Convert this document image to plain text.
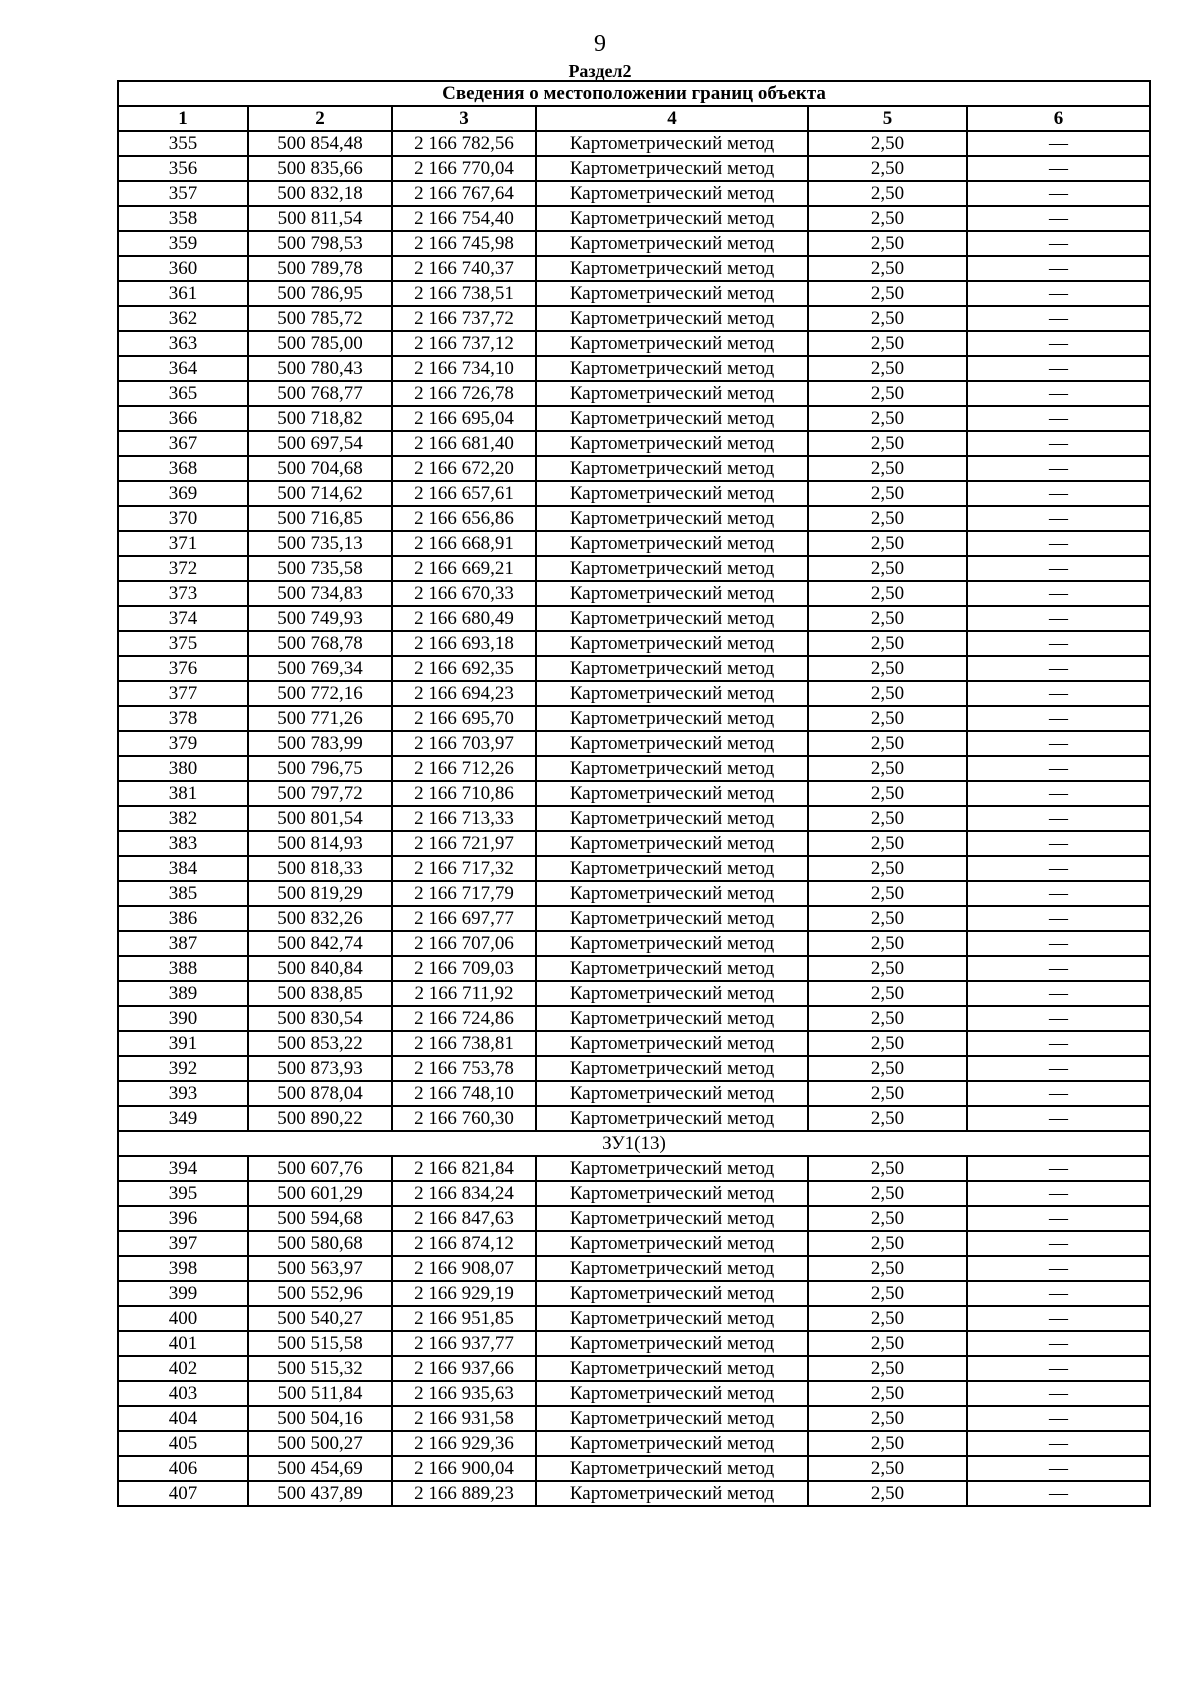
9
Раздел2
Сведения о местоположении границ объекта					
1	2	3	4	5	6
355	500 854,48	2 166 782,56	Картометрический метод	2,50	—
356	500 835,66	2 166 770,04	Картометрический метод	2,50	—
357	500 832,18	2 166 767,64	Картометрический метод	2,50	—
358	500 811,54	2 166 754,40	Картометрический метод	2,50	—
359	500 798,53	2 166 745,98	Картометрический метод	2,50	—
360	500 789,78	2 166 740,37	Картометрический метод	2,50	—
361	500 786,95	2 166 738,51	Картометрический метод	2,50	—
362	500 785,72	2 166 737,72	Картометрический метод	2,50	—
363	500 785,00	2 166 737,12	Картометрический метод	2,50	—
364	500 780,43	2 166 734,10	Картометрический метод	2,50	—
365	500 768,77	2 166 726,78	Картометрический метод	2,50	—
366	500 718,82	2 166 695,04	Картометрический метод	2,50	—
367	500 697,54	2 166 681,40	Картометрический метод	2,50	—
368	500 704,68	2 166 672,20	Картометрический метод	2,50	—
369	500 714,62	2 166 657,61	Картометрический метод	2,50	—
370	500 716,85	2 166 656,86	Картометрический метод	2,50	—
371	500 735,13	2 166 668,91	Картометрический метод	2,50	—
372	500 735,58	2 166 669,21	Картометрический метод	2,50	—
373	500 734,83	2 166 670,33	Картометрический метод	2,50	—
374	500 749,93	2 166 680,49	Картометрический метод	2,50	—
375	500 768,78	2 166 693,18	Картометрический метод	2,50	—
376	500 769,34	2 166 692,35	Картометрический метод	2,50	—
377	500 772,16	2 166 694,23	Картометрический метод	2,50	—
378	500 771,26	2 166 695,70	Картометрический метод	2,50	—
379	500 783,99	2 166 703,97	Картометрический метод	2,50	—
380	500 796,75	2 166 712,26	Картометрический метод	2,50	—
381	500 797,72	2 166 710,86	Картометрический метод	2,50	—
382	500 801,54	2 166 713,33	Картометрический метод	2,50	—
383	500 814,93	2 166 721,97	Картометрический метод	2,50	—
384	500 818,33	2 166 717,32	Картометрический метод	2,50	—
385	500 819,29	2 166 717,79	Картометрический метод	2,50	—
386	500 832,26	2 166 697,77	Картометрический метод	2,50	—
387	500 842,74	2 166 707,06	Картометрический метод	2,50	—
388	500 840,84	2 166 709,03	Картометрический метод	2,50	—
389	500 838,85	2 166 711,92	Картометрический метод	2,50	—
390	500 830,54	2 166 724,86	Картометрический метод	2,50	—
391	500 853,22	2 166 738,81	Картометрический метод	2,50	—
392	500 873,93	2 166 753,78	Картометрический метод	2,50	—
393	500 878,04	2 166 748,10	Картометрический метод	2,50	—
349	500 890,22	2 166 760,30	Картометрический метод	2,50	—
ЗУ1(13)					
394	500 607,76	2 166 821,84	Картометрический метод	2,50	—
395	500 601,29	2 166 834,24	Картометрический метод	2,50	—
396	500 594,68	2 166 847,63	Картометрический метод	2,50	—
397	500 580,68	2 166 874,12	Картометрический метод	2,50	—
398	500 563,97	2 166 908,07	Картометрический метод	2,50	—
399	500 552,96	2 166 929,19	Картометрический метод	2,50	—
400	500 540,27	2 166 951,85	Картометрический метод	2,50	—
401	500 515,58	2 166 937,77	Картометрический метод	2,50	—
402	500 515,32	2 166 937,66	Картометрический метод	2,50	—
403	500 511,84	2 166 935,63	Картометрический метод	2,50	—
404	500 504,16	2 166 931,58	Картометрический метод	2,50	—
405	500 500,27	2 166 929,36	Картометрический метод	2,50	—
406	500 454,69	2 166 900,04	Картометрический метод	2,50	—
407	500 437,89	2 166 889,23	Картометрический метод	2,50	—
